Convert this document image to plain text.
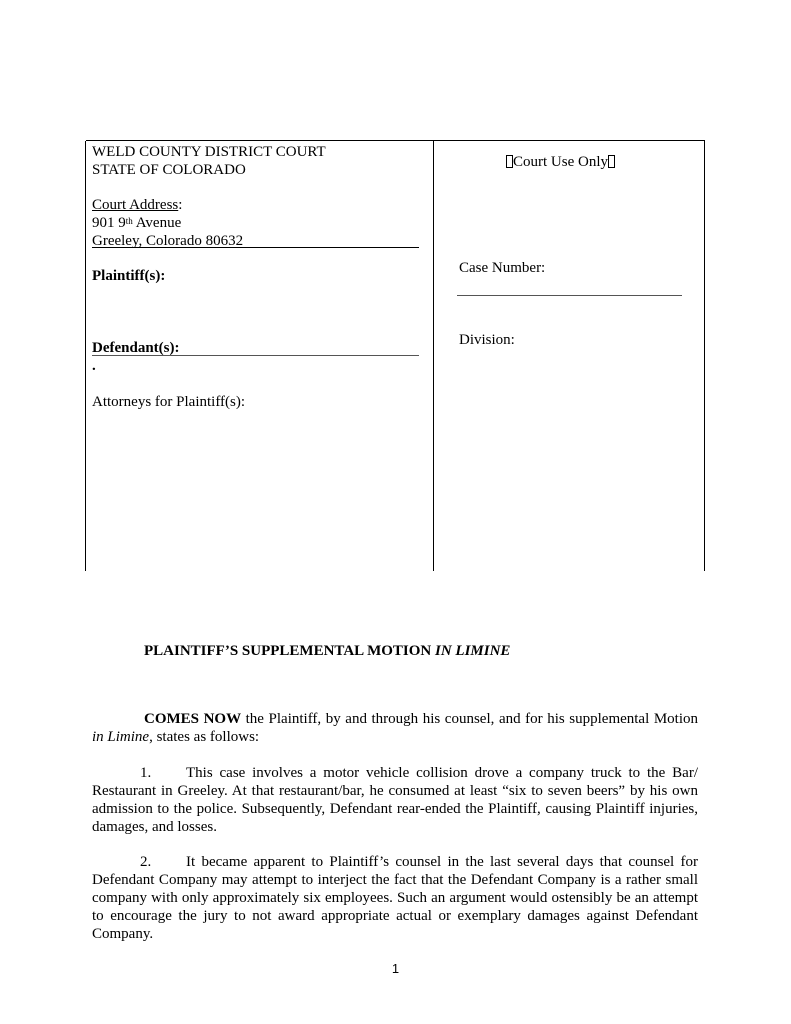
WELD COUNTY DISTRICT COURT
STATE OF COLORADO
Court Address:
901 9th Avenue
Greeley, Colorado 80632
Plaintiff(s):
Defendant(s):
.
Attorneys for Plaintiff(s):
Court Use Only
Case Number:
Division:
PLAINTIFF’S SUPPLEMENTAL MOTION IN LIMINE
COMES NOW the Plaintiff, by and through his counsel, and for his supplemental Motion in Limine, states as follows:
1. This case involves a motor vehicle collision drove a company truck to the Bar/ Restaurant in Greeley. At that restaurant/bar, he consumed at least “six to seven beers” by his own admission to the police. Subsequently, Defendant rear-ended the Plaintiff, causing Plaintiff injuries, damages, and losses.
2. It became apparent to Plaintiff’s counsel in the last several days that counsel for Defendant Company may attempt to interject the fact that the Defendant Company is a rather small company with only approximately six employees. Such an argument would ostensibly be an attempt to encourage the jury to not award appropriate actual or exemplary damages against Defendant Company.
1
